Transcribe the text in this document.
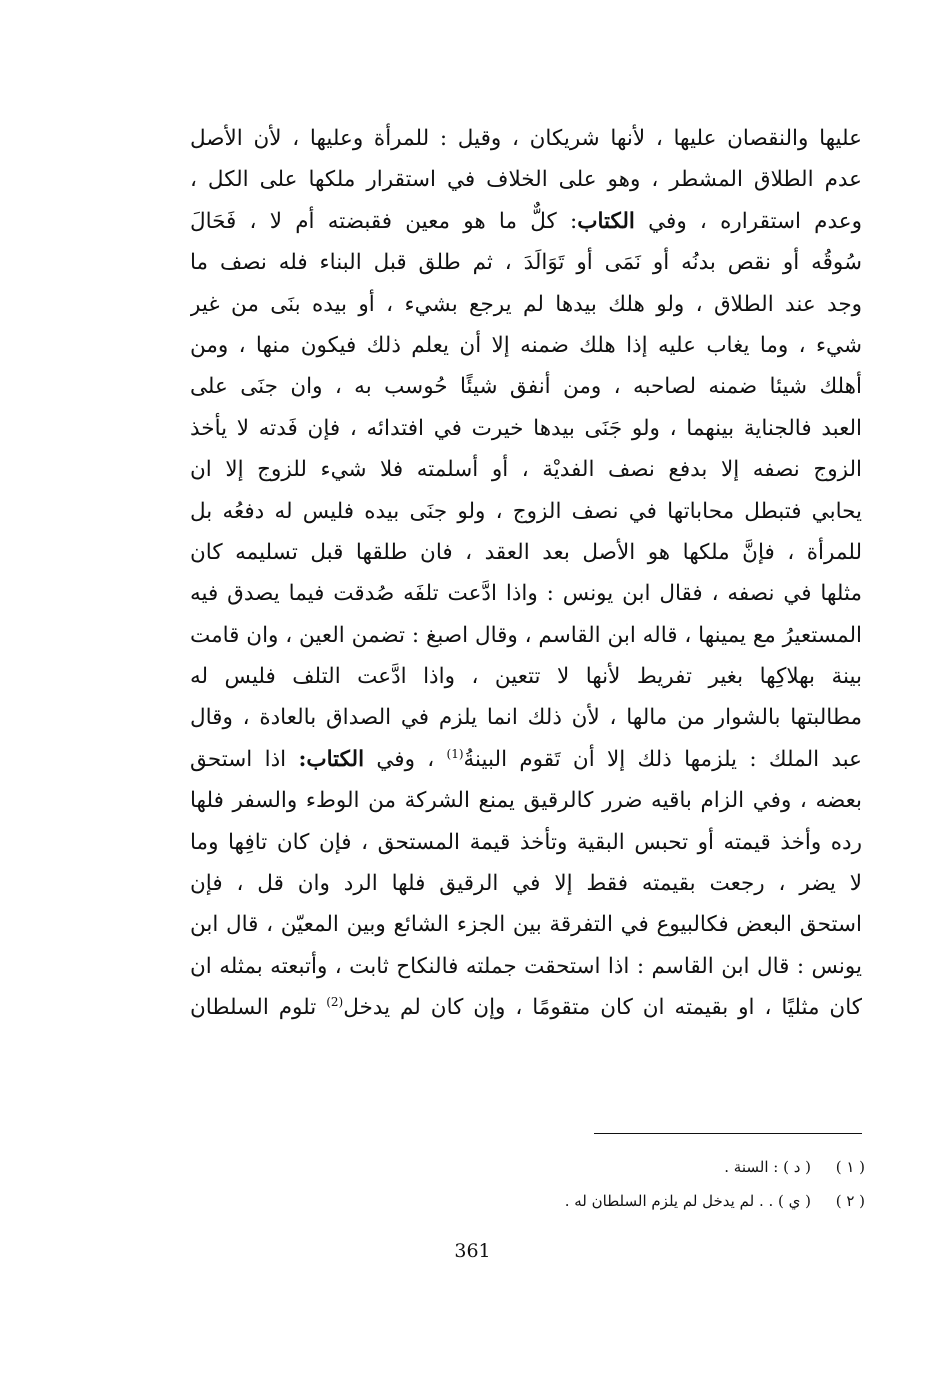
عليها والنقصان عليها ، لأنها شريكان ، وقيل : للمرأة وعليها ، لأن الأصل
عدم الطلاق المشطر ، وهو على الخلاف في استقرار ملكها على الكل ،
وعدم استقراره ، وفي الكتاب: كلٌّ ما هو معين فقبضته أم لا ، فَحَالَ
سُوقُه أو نقص بدنُه أو نَمَى أو تَوَالَدَ ، ثم طلق قبل البناء فله نصف ما
وجد عند الطلاق ، ولو هلك بيدها لم يرجع بشيء ، أو بيده بنَى من غير
شيء ، وما يغاب عليه إذا هلك ضمنه إلا أن يعلم ذلك فيكون منها ، ومن
أهلك شيئا ضمنه لصاحبه ، ومن أنفق شيئًا حُوسب به ، وان جنَى على
العبد فالجناية بينهما ، ولو جَنَى بيدها خيرت في افتدائه ، فإن فَدته لا يأخذ
الزوج نصفه إلا بدفع نصف الفديْة ، أو أسلمته فلا شيء للزوج إلا ان
يحابي فتبطل محاباتها في نصف الزوج ، ولو جنَى بيده فليس له دفعُه بل
للمرأة ، فإنَّ ملكها هو الأصل بعد العقد ، فان طلقها قبل تسليمه كان
مثلها في نصفه ، فقال ابن يونس : واذا ادَّعت تلفَه صُدقت فيما يصدق فيه
المستعيرُ مع يمينها ، قاله ابن القاسم ، وقال اصبغ : تضمن العين ، وان قامت
بينة بهلاكِها بغير تفريط لأنها لا تتعين ، واذا ادَّعت التلف فليس له
مطالبتها بالشوار من مالها ، لأن ذلك انما يلزم في الصداق بالعادة ، وقال
عبد الملك : يلزمها ذلك إلا أن تَقوم البينةُ$^{(1)}$ ، وفي الكتاب: اذا استحق
بعضه ، وفي الزام باقيه ضرر كالرقيق يمنع الشركة من الوطء والسفر فلها
رده وأخذ قيمته أو تحبس البقية وتأخذ قيمة المستحق ، فإن كان تافِها وما
لا يضر ، رجعت بقيمته فقط إلا في الرقيق فلها الرد وان قل ، فإن
استحق البعض فكالبيوع في التفرقة بين الجزء الشائع وبين المعيّن ، قال ابن
يونس : قال ابن القاسم : اذا استحقت جملته فالنكاح ثابت ، وأتبعته بمثله ان
كان مثليًا ، او بقيمته ان كان متقومًا ، وإن كان لم يدخل$^{(2)}$ تلوم السلطان
( ١ )( د ) : السنة .
( ٢ )( ي ) . . لم يدخل لم يلزم السلطان له .
361
